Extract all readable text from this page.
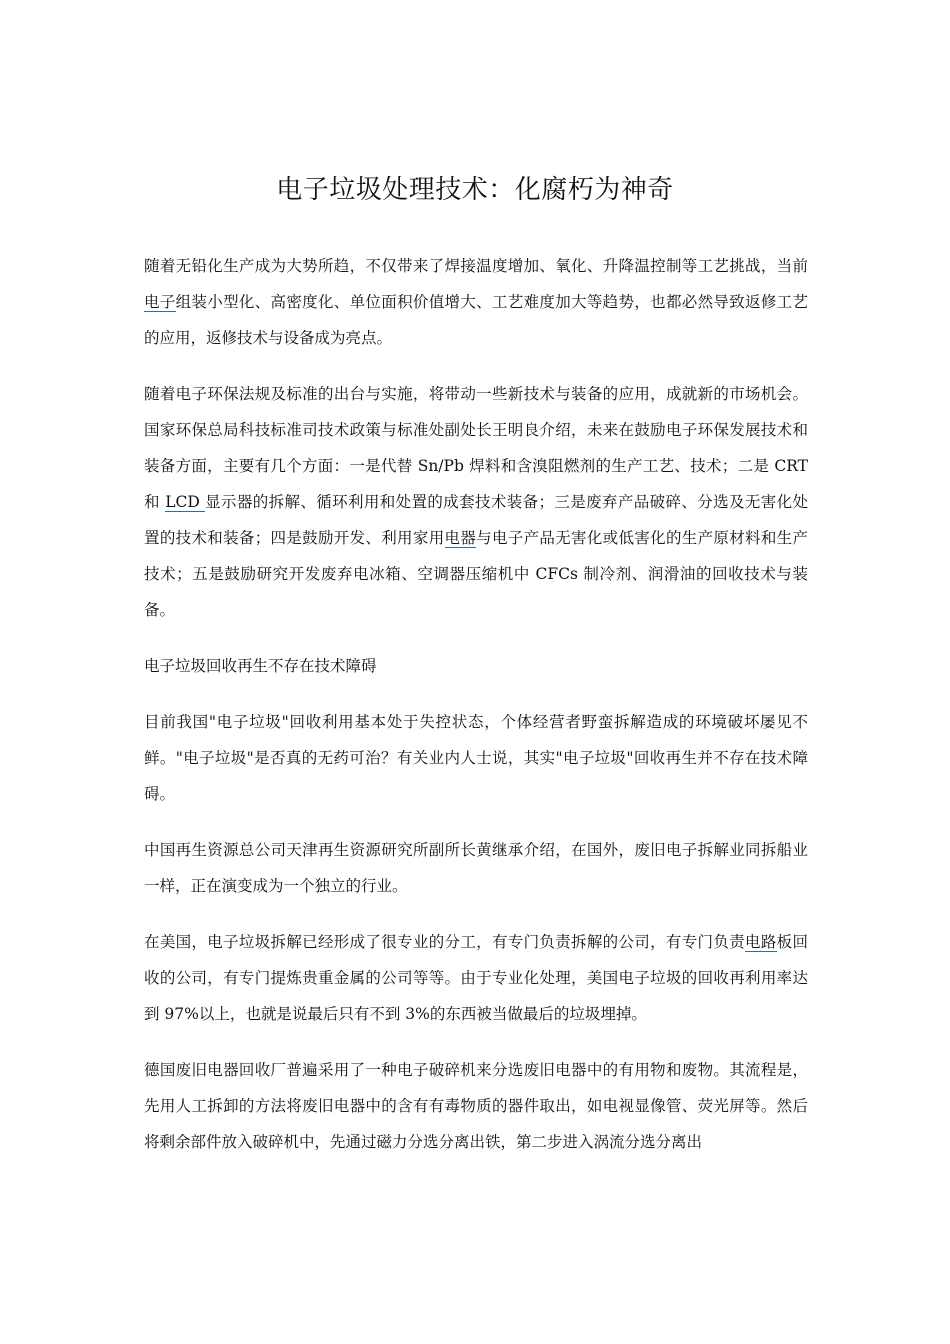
电子垃圾处理技术：化腐朽为神奇

随着无铅化生产成为大势所趋，不仅带来了焊接温度增加、氧化、升降温控制等工艺挑战，当前电子组装小型化、高密度化、单位面积价值增大、工艺难度加大等趋势，也都必然导致返修工艺的应用，返修技术与设备成为亮点。

随着电子环保法规及标准的出台与实施，将带动一些新技术与装备的应用，成就新的市场机会。国家环保总局科技标准司技术政策与标准处副处长王明良介绍，未来在鼓励电子环保发展技术和装备方面，主要有几个方面：一是代替 Sn/Pb 焊料和含溴阻燃剂的生产工艺、技术；二是 CRT 和 LCD 显示器的拆解、循环利用和处置的成套技术装备；三是废弃产品破碎、分选及无害化处置的技术和装备；四是鼓励开发、利用家用电器与电子产品无害化或低害化的生产原材料和生产技术；五是鼓励研究开发废弃电冰箱、空调器压缩机中 CFCs 制冷剂、润滑油的回收技术与装备。

电子垃圾回收再生不存在技术障碍

目前我国"电子垃圾"回收利用基本处于失控状态，个体经营者野蛮拆解造成的环境破坏屡见不鲜。"电子垃圾"是否真的无药可治？有关业内人士说，其实"电子垃圾"回收再生并不存在技术障碍。

中国再生资源总公司天津再生资源研究所副所长黄继承介绍，在国外，废旧电子拆解业同拆船业一样，正在演变成为一个独立的行业。

在美国，电子垃圾拆解已经形成了很专业的分工，有专门负责拆解的公司，有专门负责电路板回收的公司，有专门提炼贵重金属的公司等等。由于专业化处理，美国电子垃圾的回收再利用率达到 97%以上，也就是说最后只有不到 3%的东西被当做最后的垃圾埋掉。

德国废旧电器回收厂普遍采用了一种电子破碎机来分选废旧电器中的有用物和废物。其流程是，先用人工拆卸的方法将废旧电器中的含有有毒物质的器件取出，如电视显像管、荧光屏等。然后将剩余部件放入破碎机中，先通过磁力分选分离出铁，第二步进入涡流分选分离出
